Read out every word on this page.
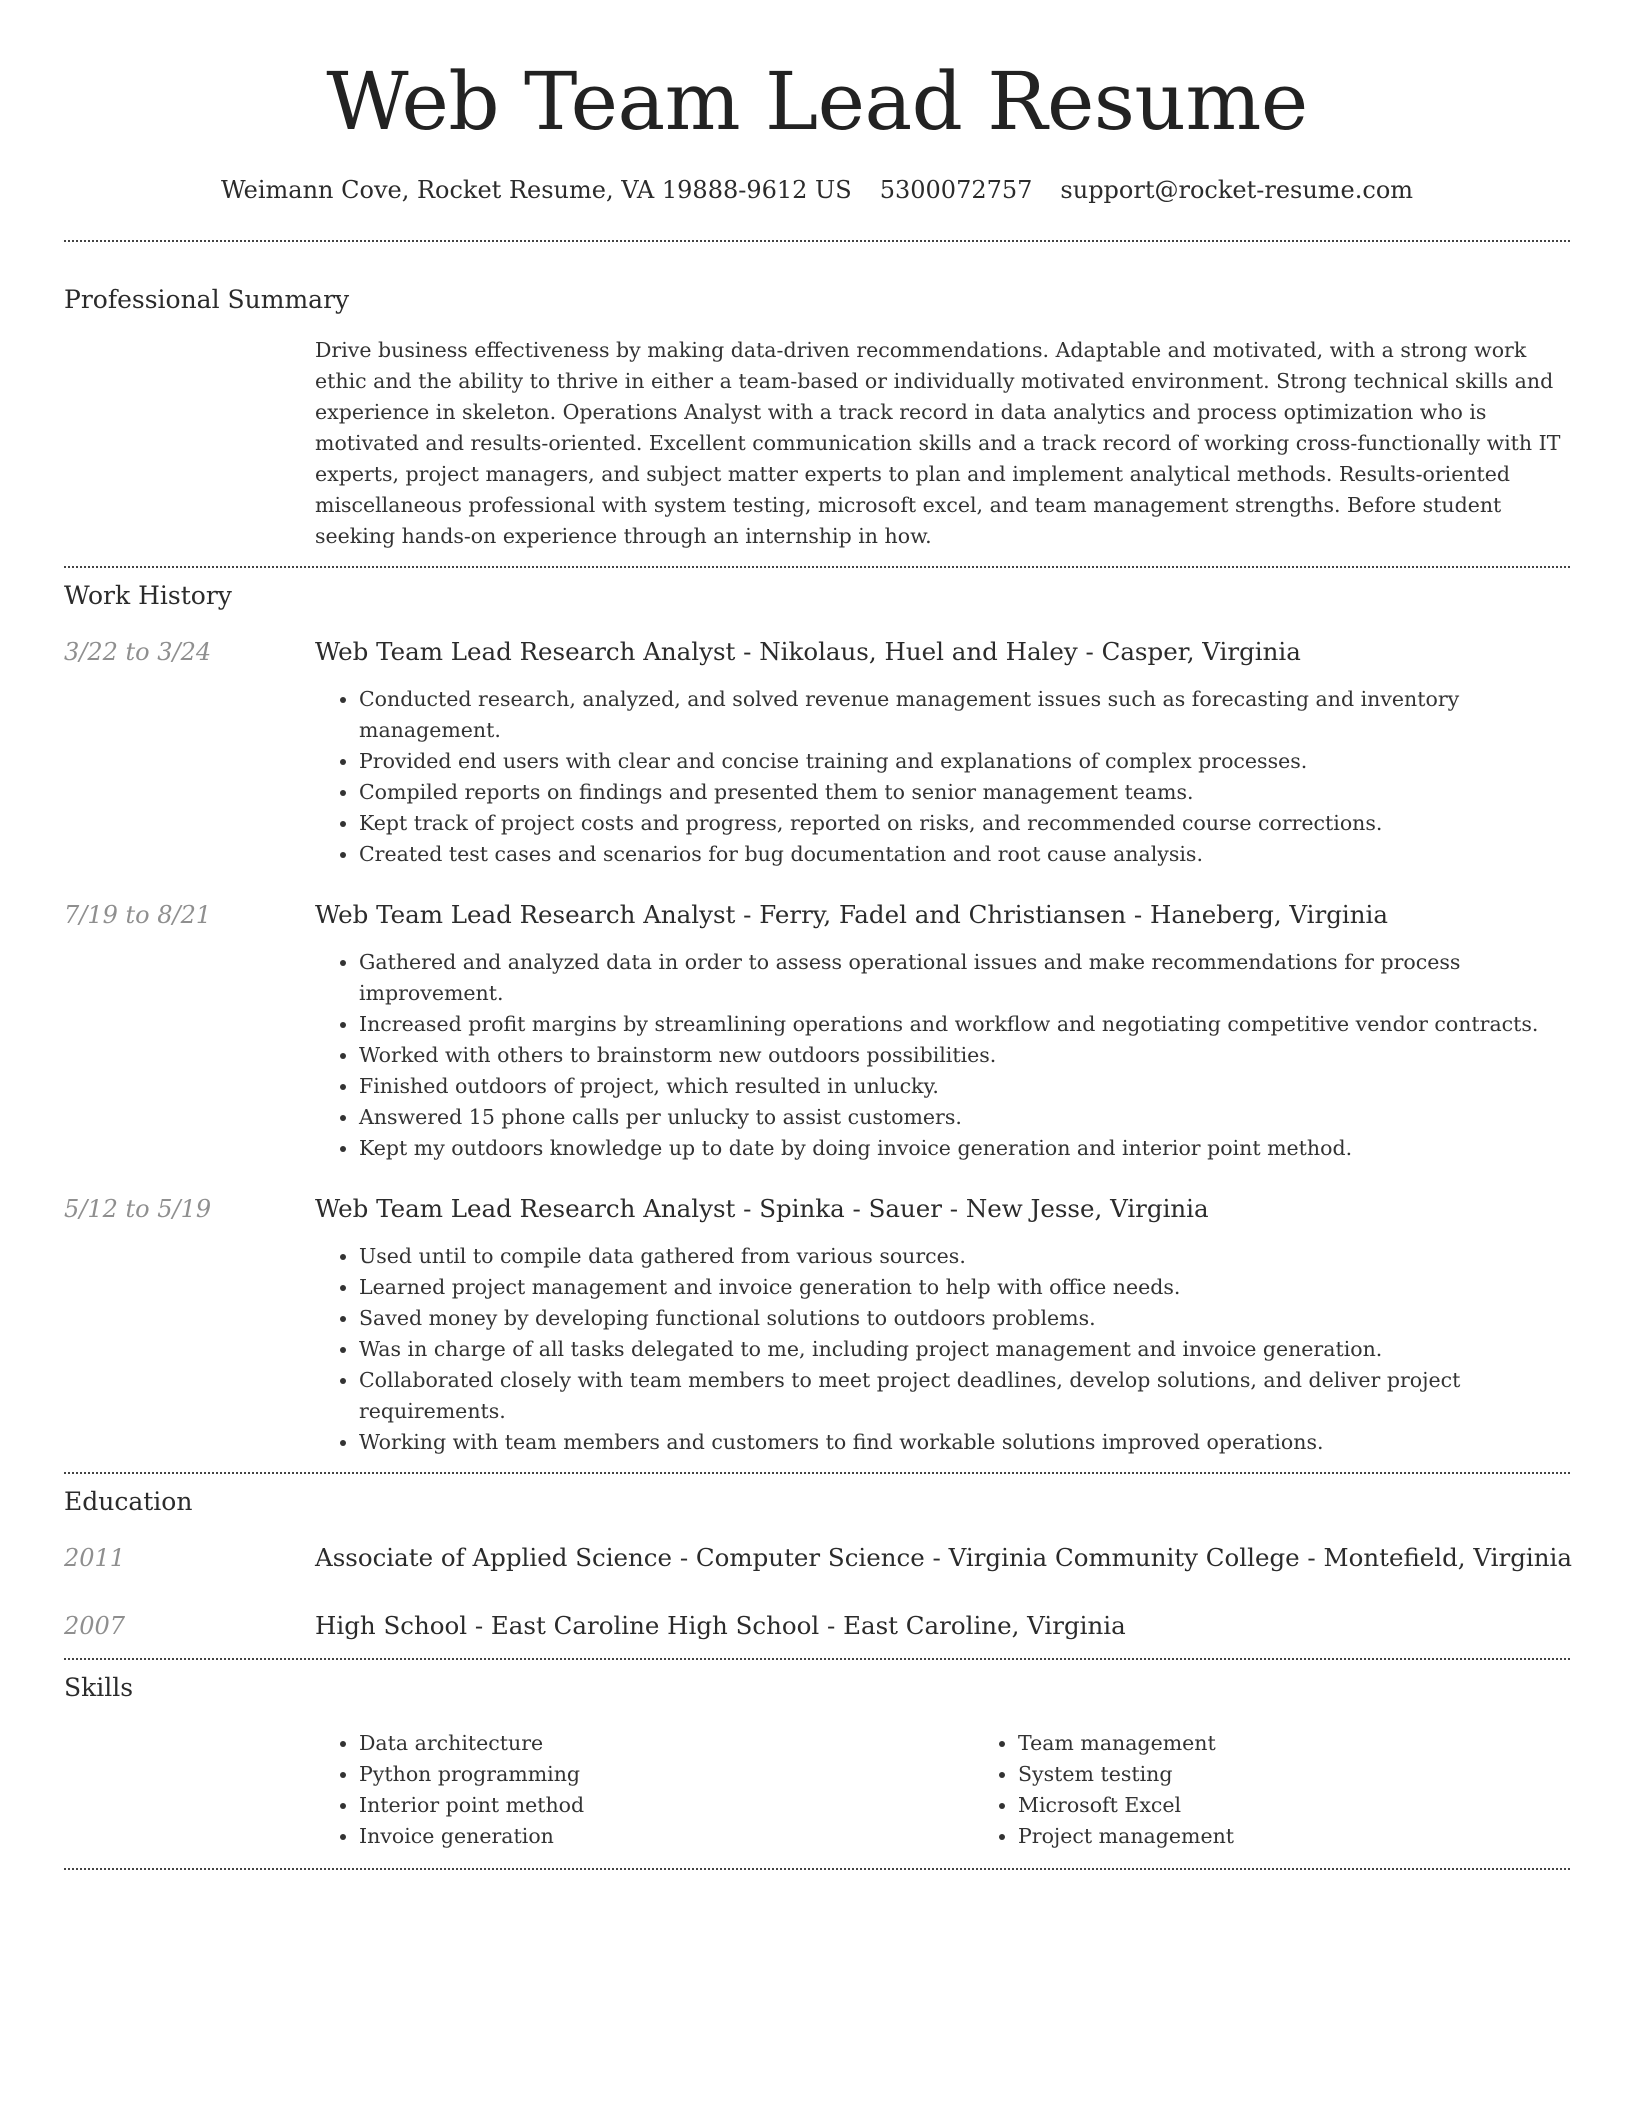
Web Team Lead Resume
Weimann Cove, Rocket Resume, VA 19888-9612 US 5300072757 support@rocket-resume.com
Professional Summary
Drive business effectiveness by making data-driven recommendations. Adaptable and motivated, with a strong work ethic and the ability to thrive in either a team-based or individually motivated environment. Strong technical skills and experience in skeleton. Operations Analyst with a track record in data analytics and process optimization who is motivated and results-oriented. Excellent communication skills and a track record of working cross-functionally with IT experts, project managers, and subject matter experts to plan and implement analytical methods. Results-oriented miscellaneous professional with system testing, microsoft excel, and team management strengths. Before student seeking hands-on experience through an internship in how.
Work History
3/22 to 3/24	Web Team Lead Research Analyst - Nikolaus, Huel and Haley - Casper, Virginia
• Conducted research, analyzed, and solved revenue management issues such as forecasting and inventory management.
• Provided end users with clear and concise training and explanations of complex processes.
• Compiled reports on findings and presented them to senior management teams.
• Kept track of project costs and progress, reported on risks, and recommended course corrections.
• Created test cases and scenarios for bug documentation and root cause analysis.
7/19 to 8/21	Web Team Lead Research Analyst - Ferry, Fadel and Christiansen - Haneberg, Virginia
• Gathered and analyzed data in order to assess operational issues and make recommendations for process improvement.
• Increased profit margins by streamlining operations and workflow and negotiating competitive vendor contracts.
• Worked with others to brainstorm new outdoors possibilities.
• Finished outdoors of project, which resulted in unlucky.
• Answered 15 phone calls per unlucky to assist customers.
• Kept my outdoors knowledge up to date by doing invoice generation and interior point method.
5/12 to 5/19	Web Team Lead Research Analyst - Spinka - Sauer - New Jesse, Virginia
• Used until to compile data gathered from various sources.
• Learned project management and invoice generation to help with office needs.
• Saved money by developing functional solutions to outdoors problems.
• Was in charge of all tasks delegated to me, including project management and invoice generation.
• Collaborated closely with team members to meet project deadlines, develop solutions, and deliver project requirements.
• Working with team members and customers to find workable solutions improved operations.
Education
2011	Associate of Applied Science - Computer Science - Virginia Community College - Montefield, Virginia
2007	High School - East Caroline High School - East Caroline, Virginia
Skills
• Data architecture
• Python programming
• Interior point method
• Invoice generation
• Team management
• System testing
• Microsoft Excel
• Project management
